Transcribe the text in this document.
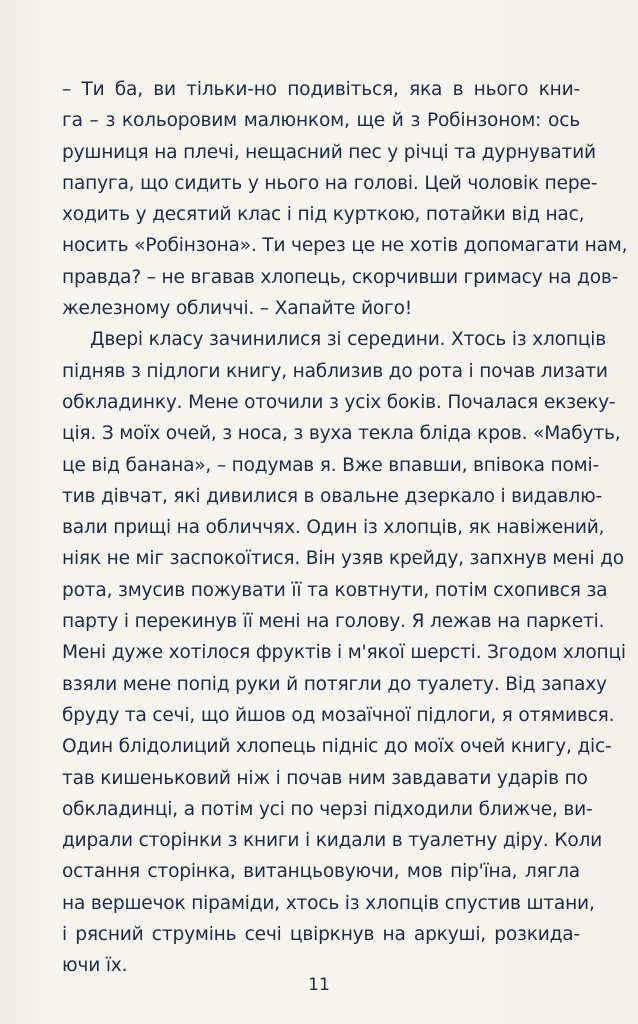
– Ти ба, ви тільки-но подивіться, яка в нього кни-
га – з кольоровим малюнком, ще й з Робінзоном: ось
рушниця на плечі, нещасний пес у річці та дурнуватий
папуга, що сидить у нього на голові. Цей чоловік пере-
ходить у десятий клас і під курткою, потайки від нас,
носить «Робінзона». Ти через це не хотів допомагати нам,
правда? – не вгавав хлопець, скорчивши гримасу на дов-
железному обличчі. – Хапайте його!
Двері класу зачинилися зі середини. Хтось із хлопців
підняв з підлоги книгу, наблизив до рота і почав лизати
обкладинку. Мене оточили з усіх боків. Почалася екзеку-
ція. З моїх очей, з носа, з вуха текла бліда кров. «Мабуть,
це від банана», – подумав я. Вже впавши, впівока помі-
тив дівчат, які дивилися в овальне дзеркало і видавлю-
вали прищі на обличчях. Один із хлопців, як навіжений,
ніяк не міг заспокоїтися. Він узяв крейду, запхнув мені до
рота, змусив пожувати її та ковтнути, потім схопився за
парту і перекинув її мені на голову. Я лежав на паркеті.
Мені дуже хотілося фруктів і м'якої шерсті. Згодом хлопці
взяли мене попід руки й потягли до туалету. Від запаху
бруду та сечі, що йшов од мозаїчної підлоги, я отямився.
Один блідолиций хлопець підніс до моїх очей книгу, діс-
тав кишеньковий ніж і почав ним завдавати ударів по
обкладинці, а потім усі по черзі підходили ближче, ви-
дирали сторінки з книги і кидали в туалетну діру. Коли
остання сторінка, витанцьовуючи, мов пір'їна, лягла
на вершечок піраміди, хтось із хлопців спустив штани,
і рясний струмінь сечі цвіркнув на аркуші, розкида-
ючи їх.
11
